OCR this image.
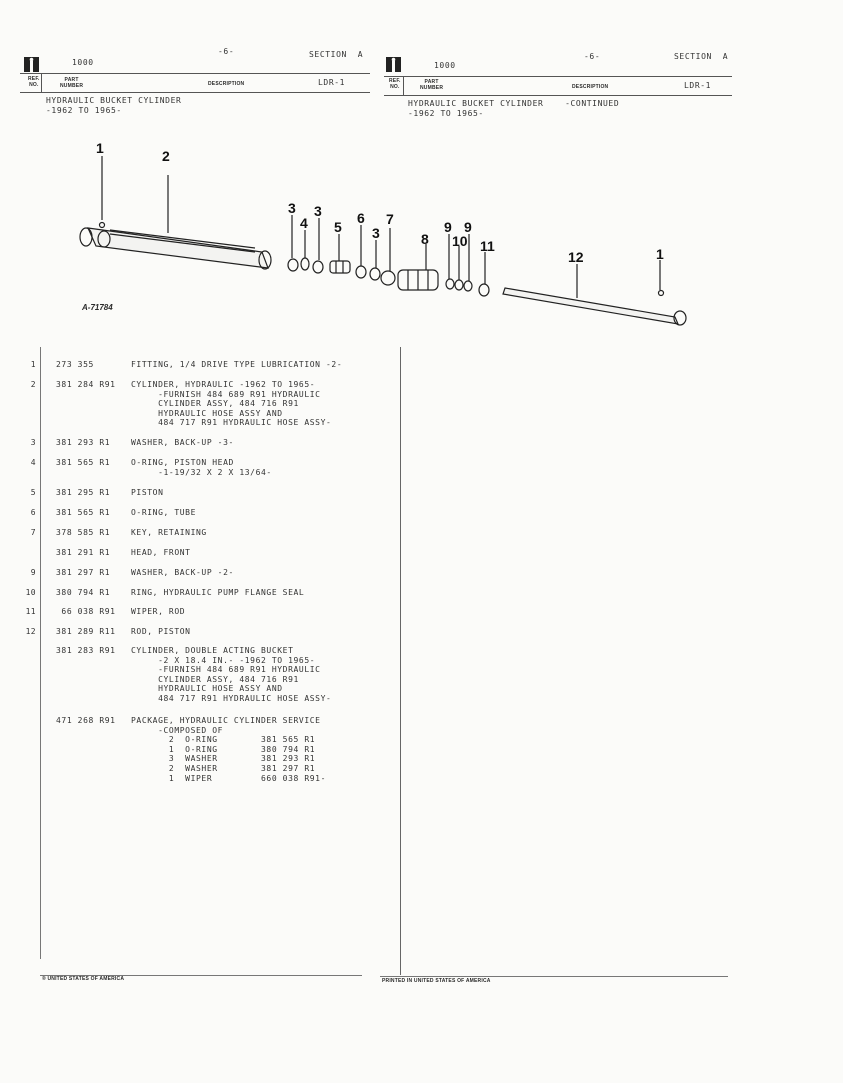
1000
-6-	SECTION  A
REF.
NO.
PART
NUMBER	DESCRIPTION	LDR-1
HYDRAULIC BUCKET CYLINDER
-1962 TO 1965-
1000
-6-	SECTION  A
REF.
NO.
PART
NUMBER	DESCRIPTION	LDR-1
HYDRAULIC BUCKET CYLINDER    -CONTINUED
-1962 TO 1965-
1	2
3
4
3
5
6
3
7
8
9
10
9
11
12	1
A-71784
1	273 355	FITTING, 1/4 DRIVE TYPE LUBRICATION -2-
2	381 284 R91 CYLINDER, HYDRAULIC -1962 TO 1965-
-FURNISH 484 689 R91 HYDRAULIC
CYLINDER ASSY, 484 716 R91
HYDRAULIC HOSE ASSY AND
484 717 R91 HYDRAULIC HOSE ASSY-
3	381 293 R1	WASHER, BACK-UP -3-
4	381 565 R1	O-RING, PISTON HEAD
-1-19/32 X 2 X 13/64-
5	381 295 R1	PISTON
6	381 565 R1	O-RING, TUBE
7	378 585 R1	KEY, RETAINING
381 291 R1	HEAD, FRONT
9	381 297 R1	WASHER, BACK-UP -2-
10	380 794 R1	RING, HYDRAULIC PUMP FLANGE SEAL
11	66 038 R91 WIPER, ROD
12	381 289 R11 ROD, PISTON
381 283 R91 CYLINDER, DOUBLE ACTING BUCKET
-2 X 18.4 IN.- -1962 TO 1965-
-FURNISH 484 689 R91 HYDRAULIC
CYLINDER ASSY, 484 716 R91
HYDRAULIC HOSE ASSY AND
484 717 R91 HYDRAULIC HOSE ASSY-
471 268 R91 PACKAGE, HYDRAULIC CYLINDER SERVICE
-COMPOSED OF
2  O-RING        381 565 R1
1  O-RING        380 794 R1
3  WASHER        381 293 R1
2  WASHER        381 297 R1
1  WIPER         660 038 R91-
® UNITED STATES OF AMERICA	PRINTED IN UNITED STATES OF AMERICA
